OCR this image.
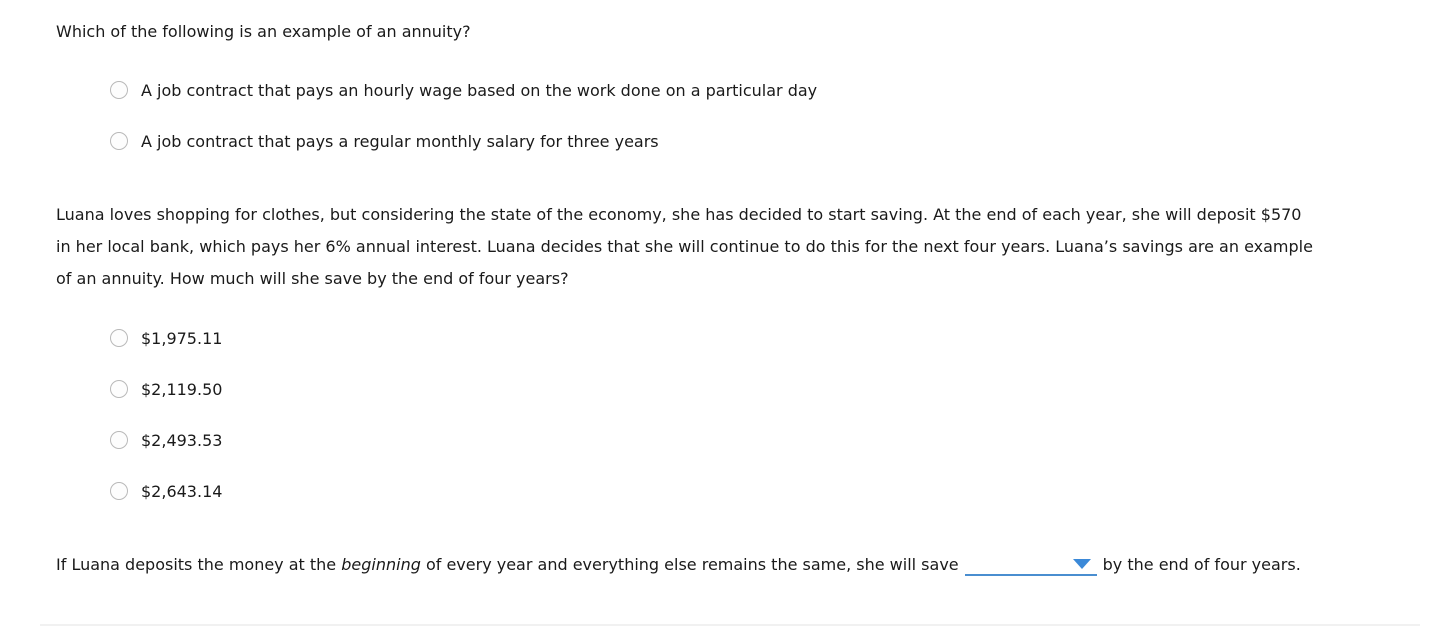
Which of the following is an example of an annuity?

A job contract that pays an hourly wage based on the work done on a particular day
A job contract that pays a regular monthly salary for three years

Luana loves shopping for clothes, but considering the state of the economy, she has decided to start saving. At the end of each year, she will deposit $570 in her local bank, which pays her 6% annual interest. Luana decides that she will continue to do this for the next four years. Luana’s savings are an example of an annuity. How much will she save by the end of four years?

$1,975.11
$2,119.50
$2,493.53
$2,643.14

If Luana deposits the money at the beginning of every year and everything else remains the same, she will save	by the end of four years.
